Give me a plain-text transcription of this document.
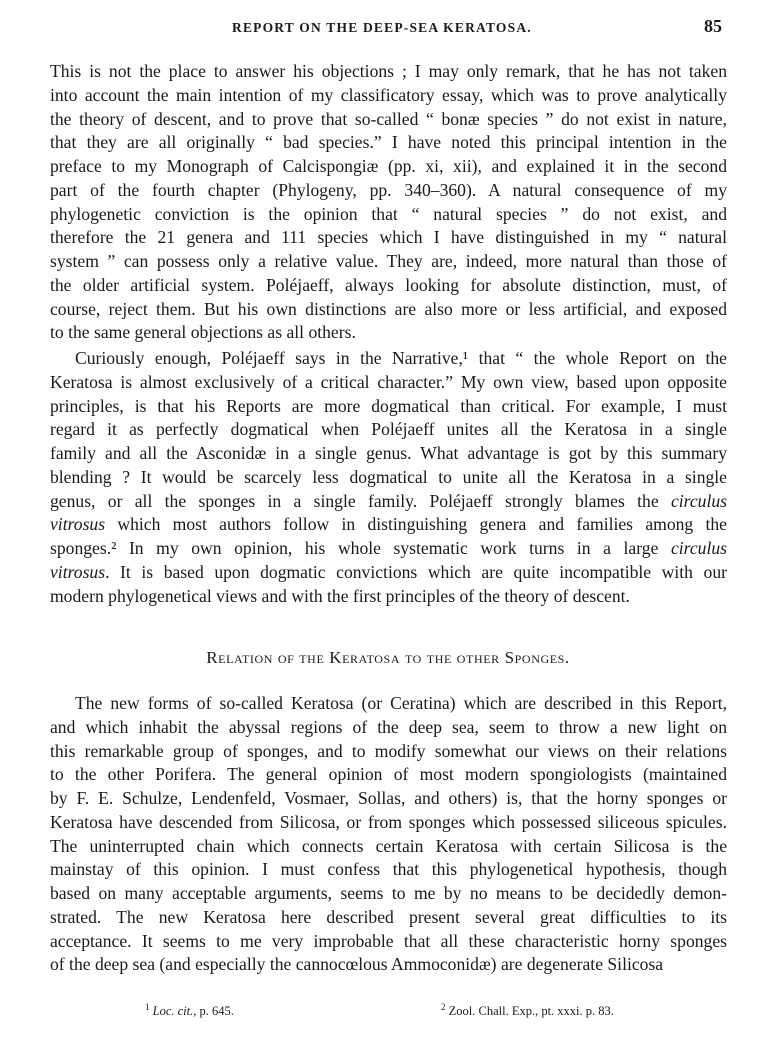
REPORT ON THE DEEP-SEA KERATOSA.	85
This is not the place to answer his objections ; I may only remark, that he has not taken
into account the main intention of my classificatory essay, which was to prove analytically
the theory of descent, and to prove that so-called “ bonæ species ” do not exist in nature,
that they are all originally “ bad species.” I have noted this principal intention in the
preface to my Monograph of Calcispongiæ (pp. xi, xii), and explained it in the second
part of the fourth chapter (Phylogeny, pp. 340–360). A natural consequence of my
phylogenetic conviction is the opinion that “ natural species ” do not exist, and
therefore the 21 genera and 111 species which I have distinguished in my “ natural
system ” can possess only a relative value. They are, indeed, more natural than those of
the older artificial system. Poléjaeff, always looking for absolute distinction, must, of
course, reject them. But his own distinctions are also more or less artificial, and exposed
to the same general objections as all others.
Curiously enough, Poléjaeff says in the Narrative,¹ that “ the whole Report on the
Keratosa is almost exclusively of a critical character.” My own view, based upon opposite
principles, is that his Reports are more dogmatical than critical. For example, I must
regard it as perfectly dogmatical when Poléjaeff unites all the Keratosa in a single
family and all the Asconidæ in a single genus. What advantage is got by this summary
blending ? It would be scarcely less dogmatical to unite all the Keratosa in a single
genus, or all the sponges in a single family. Poléjaeff strongly blames the circulus
vitrosus which most authors follow in distinguishing genera and families among the
sponges.² In my own opinion, his whole systematic work turns in a large circulus
vitrosus. It is based upon dogmatic convictions which are quite incompatible with our
modern phylogenetical views and with the first principles of the theory of descent.
Relation of the Keratosa to the other Sponges.
The new forms of so-called Keratosa (or Ceratina) which are described in this Report,
and which inhabit the abyssal regions of the deep sea, seem to throw a new light on
this remarkable group of sponges, and to modify somewhat our views on their relations
to the other Porifera. The general opinion of most modern spongiologists (maintained
by F. E. Schulze, Lendenfeld, Vosmaer, Sollas, and others) is, that the horny sponges or
Keratosa have descended from Silicosa, or from sponges which possessed siliceous spicules.
The uninterrupted chain which connects certain Keratosa with certain Silicosa is the
mainstay of this opinion. I must confess that this phylogenetical hypothesis, though
based on many acceptable arguments, seems to me by no means to be decidedly demon-
strated. The new Keratosa here described present several great difficulties to its
acceptance. It seems to me very improbable that all these characteristic horny sponges
of the deep sea (and especially the cannocœlous Ammoconidæ) are degenerate Silicosa
$^1$ Loc. cit., p. 645.	$^2$ Zool. Chall. Exp., pt. xxxi. p. 83.
